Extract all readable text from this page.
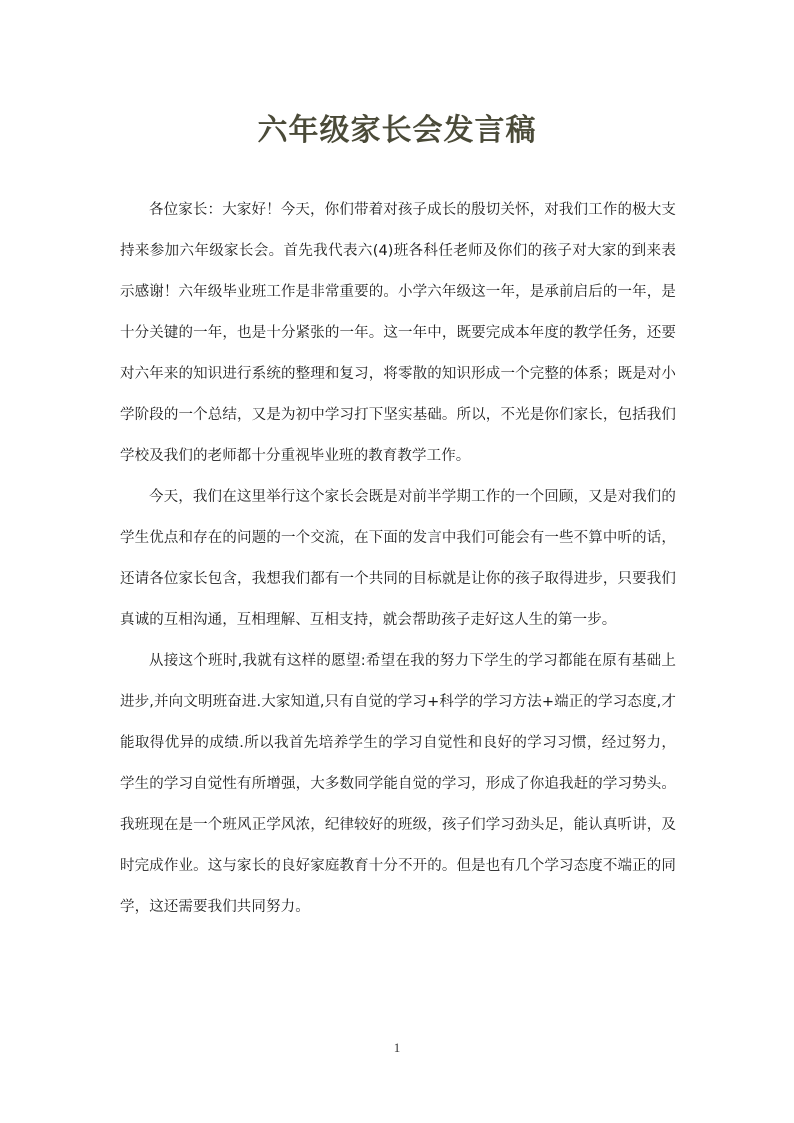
六年级家长会发言稿

各位家长：大家好！今天，你们带着对孩子成长的殷切关怀，对我们工作的极大支持来参加六年级家长会。首先我代表六(4)班各科任老师及你们的孩子对大家的到来表示感谢！六年级毕业班工作是非常重要的。小学六年级这一年，是承前启后的一年，是十分关键的一年，也是十分紧张的一年。这一年中，既要完成本年度的教学任务，还要对六年来的知识进行系统的整理和复习，将零散的知识形成一个完整的体系；既是对小学阶段的一个总结，又是为初中学习打下坚实基础。所以，不光是你们家长，包括我们学校及我们的老师都十分重视毕业班的教育教学工作。

今天，我们在这里举行这个家长会既是对前半学期工作的一个回顾，又是对我们的学生优点和存在的问题的一个交流，在下面的发言中我们可能会有一些不算中听的话，还请各位家长包含，我想我们都有一个共同的目标就是让你的孩子取得进步，只要我们真诚的互相沟通，互相理解、互相支持，就会帮助孩子走好这人生的第一步。

从接这个班时,我就有这样的愿望:希望在我的努力下学生的学习都能在原有基础上进步,并向文明班奋进.大家知道,只有自觉的学习+科学的学习方法+端正的学习态度,才能取得优异的成绩.所以我首先培养学生的学习自觉性和良好的学习习惯，经过努力，学生的学习自觉性有所增强，大多数同学能自觉的学习，形成了你追我赶的学习势头。我班现在是一个班风正学风浓，纪律较好的班级，孩子们学习劲头足，能认真听讲，及时完成作业。这与家长的良好家庭教育十分不开的。但是也有几个学习态度不端正的同学，这还需要我们共同努力。

1
